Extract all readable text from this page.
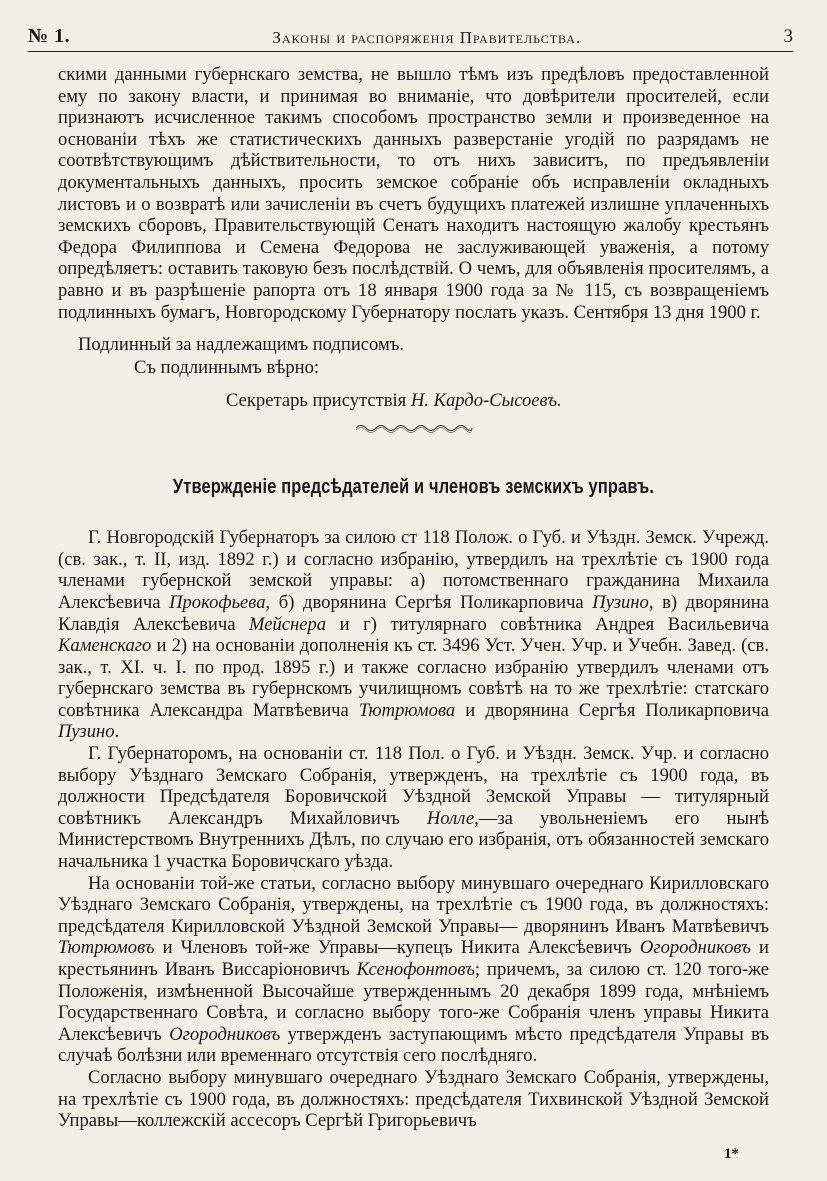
№ 1.	Законы и распоряженія Правительства.	3

скими данными губернскаго земства, не вышло тѣмъ изъ предѣловъ предоставленной ему по закону власти, и принимая во вниманіе, что довѣрители просителей, если признаютъ исчисленное такимъ способомъ пространство земли и произведенное на основаніи тѣхъ же статистическихъ данныхъ разверстаніе угодій по разрядамъ не соотвѣтствующимъ дѣйствительности, то отъ нихъ зависитъ, по предъявленіи документальныхъ данныхъ, просить земское собраніе объ исправленіи окладныхъ листовъ и о возвратѣ или зачисленіи въ счетъ будущихъ платежей излишне уплаченныхъ земскихъ сборовъ, Правительствующій Сенатъ находитъ настоящую жалобу крестьянъ Федора Филиппова и Семена Федорова не заслуживающей уваженія, а потому опредѣляетъ: оставить таковую безъ послѣдствій. О чемъ, для объявленія просителямъ, а равно и въ разрѣшеніе рапорта отъ 18 января 1900 года за № 115, съ возвращеніемъ подлинныхъ бумагъ, Новгородскому Губернатору послать указъ. Сентября 13 дня 1900 г.

Подлинный за надлежащимъ подписомъ.
Съ подлиннымъ вѣрно:
Секретарь присутствія Н. Кардо-Сысоевъ.
Утвержденіе предсѣдателей и членовъ земскихъ управъ.

Г. Новгородскій Губернаторъ за силою ст 118 Полож. о Губ. и Уѣздн. Земск. Учрежд. (св. зак., т. II, изд. 1892 г.) и согласно избранію, утвердилъ на трехлѣтіе съ 1900 года членами губернской земской управы: а) потомственнаго гражданина Михаила Алексѣевича Прокофьева, б) дворянина Сергѣя Поликарповича Пузино, в) дворянина Клавдія Алексѣевича Мейснера и г) титулярнаго совѣтника Андрея Васильевича Каменскаго и 2) на основаніи дополненія къ ст. 3496 Уст. Учен. Учр. и Учебн. Завед. (св. зак., т. XI. ч. I. по прод. 1895 г.) и также согласно избранію утвердилъ членами отъ губернскаго земства въ губернскомъ училищномъ совѣтѣ на то же трехлѣтіе: статскаго совѣтника Александра Матвѣевича Тютрюмова и дворянина Сергѣя Поликарповича Пузино.

Г. Губернаторомъ, на основаніи ст. 118 Пол. о Губ. и Уѣздн. Земск. Учр. и согласно выбору Уѣзднаго Земскаго Собранія, утвержденъ, на трехлѣтіе съ 1900 года, въ должности Предсѣдателя Боровичской Уѣздной Земской Управы — титулярный совѣтникъ Александръ Михайловичъ Нолле,—за увольненіемъ его нынѣ Министерствомъ Внутреннихъ Дѣлъ, по случаю его избранія, отъ обязанностей земскаго начальника 1 участка Боровичскаго уѣзда.

На основаніи той-же статьи, согласно выбору минувшаго очереднаго Кирилловскаго Уѣзднаго Земскаго Собранія, утверждены, на трехлѣтіе съ 1900 года, въ должностяхъ: предсѣдателя Кирилловской Уѣздной Земской Управы— дворянинъ Иванъ Матвѣевичъ Тютрюмовъ и Членовъ той-же Управы—купецъ Никита Алексѣевичъ Огородниковъ и крестьянинъ Иванъ Виссаріоновичъ Ксенофонтовъ; причемъ, за силою ст. 120 того-же Положенія, измѣненной Высочайше утвержденнымъ 20 декабря 1899 года, мнѣніемъ Государственнаго Совѣта, и согласно выбору того-же Собранія членъ управы Никита Алексѣевичъ Огородниковъ утвержденъ заступающимъ мѣсто предсѣдателя Управы въ случаѣ болѣзни или временнаго отсутствія сего послѣдняго.

Согласно выбору минувшаго очереднаго Уѣзднаго Земскаго Собранія, утверждены, на трехлѣтіе съ 1900 года, въ должностяхъ: предсѣдателя Тихвинской Уѣздной Земской Управы—коллежскій ассесоръ Сергѣй Григорьевичъ

1*
